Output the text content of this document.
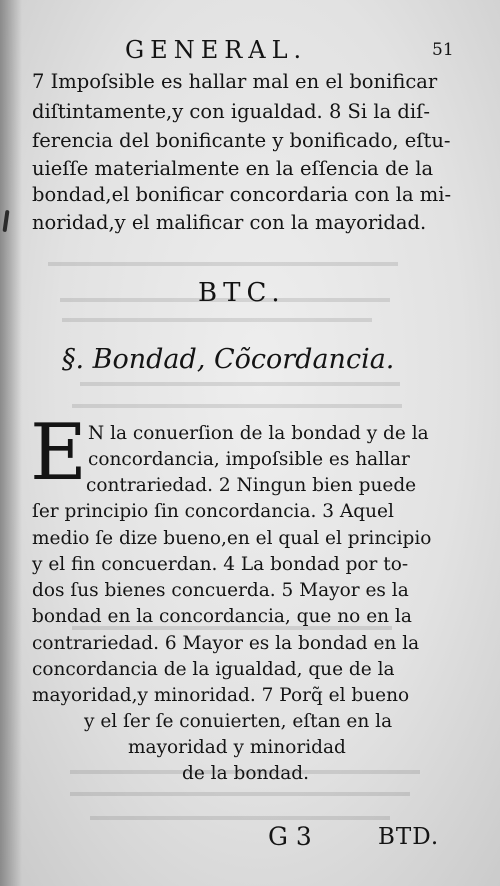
GENERAL.	51
7 Impoſsible es hallar mal en el bonificar
diſtintamente,y con igualdad. 8 Si la diſ-
ferencia del bonificante y bonificado, eſtu-
uieſſe materialmente en la eſſencia de la
bondad,el bonificar concordaria con la mi-
noridad,y el malificar con la mayoridad.
BTC.
§. Bondad, Cõcordancia.
E N la conuerſion de la bondad y de la
concordancia, impoſsible es hallar
contrariedad. 2 Ningun bien puede
ſer principio ſin concordancia. 3 Aquel
medio ſe dize bueno,en el qual el principio
y el fin concuerdan. 4 La bondad por to-
dos ſus bienes concuerda. 5 Mayor es la
bondad en la concordancia, que no en la
contrariedad. 6 Mayor es la bondad en la
concordancia de la igualdad, que de la
mayoridad,y minoridad. 7 Porq̃ el bueno
y el ſer ſe conuierten, eſtan en la
mayoridad y minoridad
de la bondad.
G 3	BTD.
